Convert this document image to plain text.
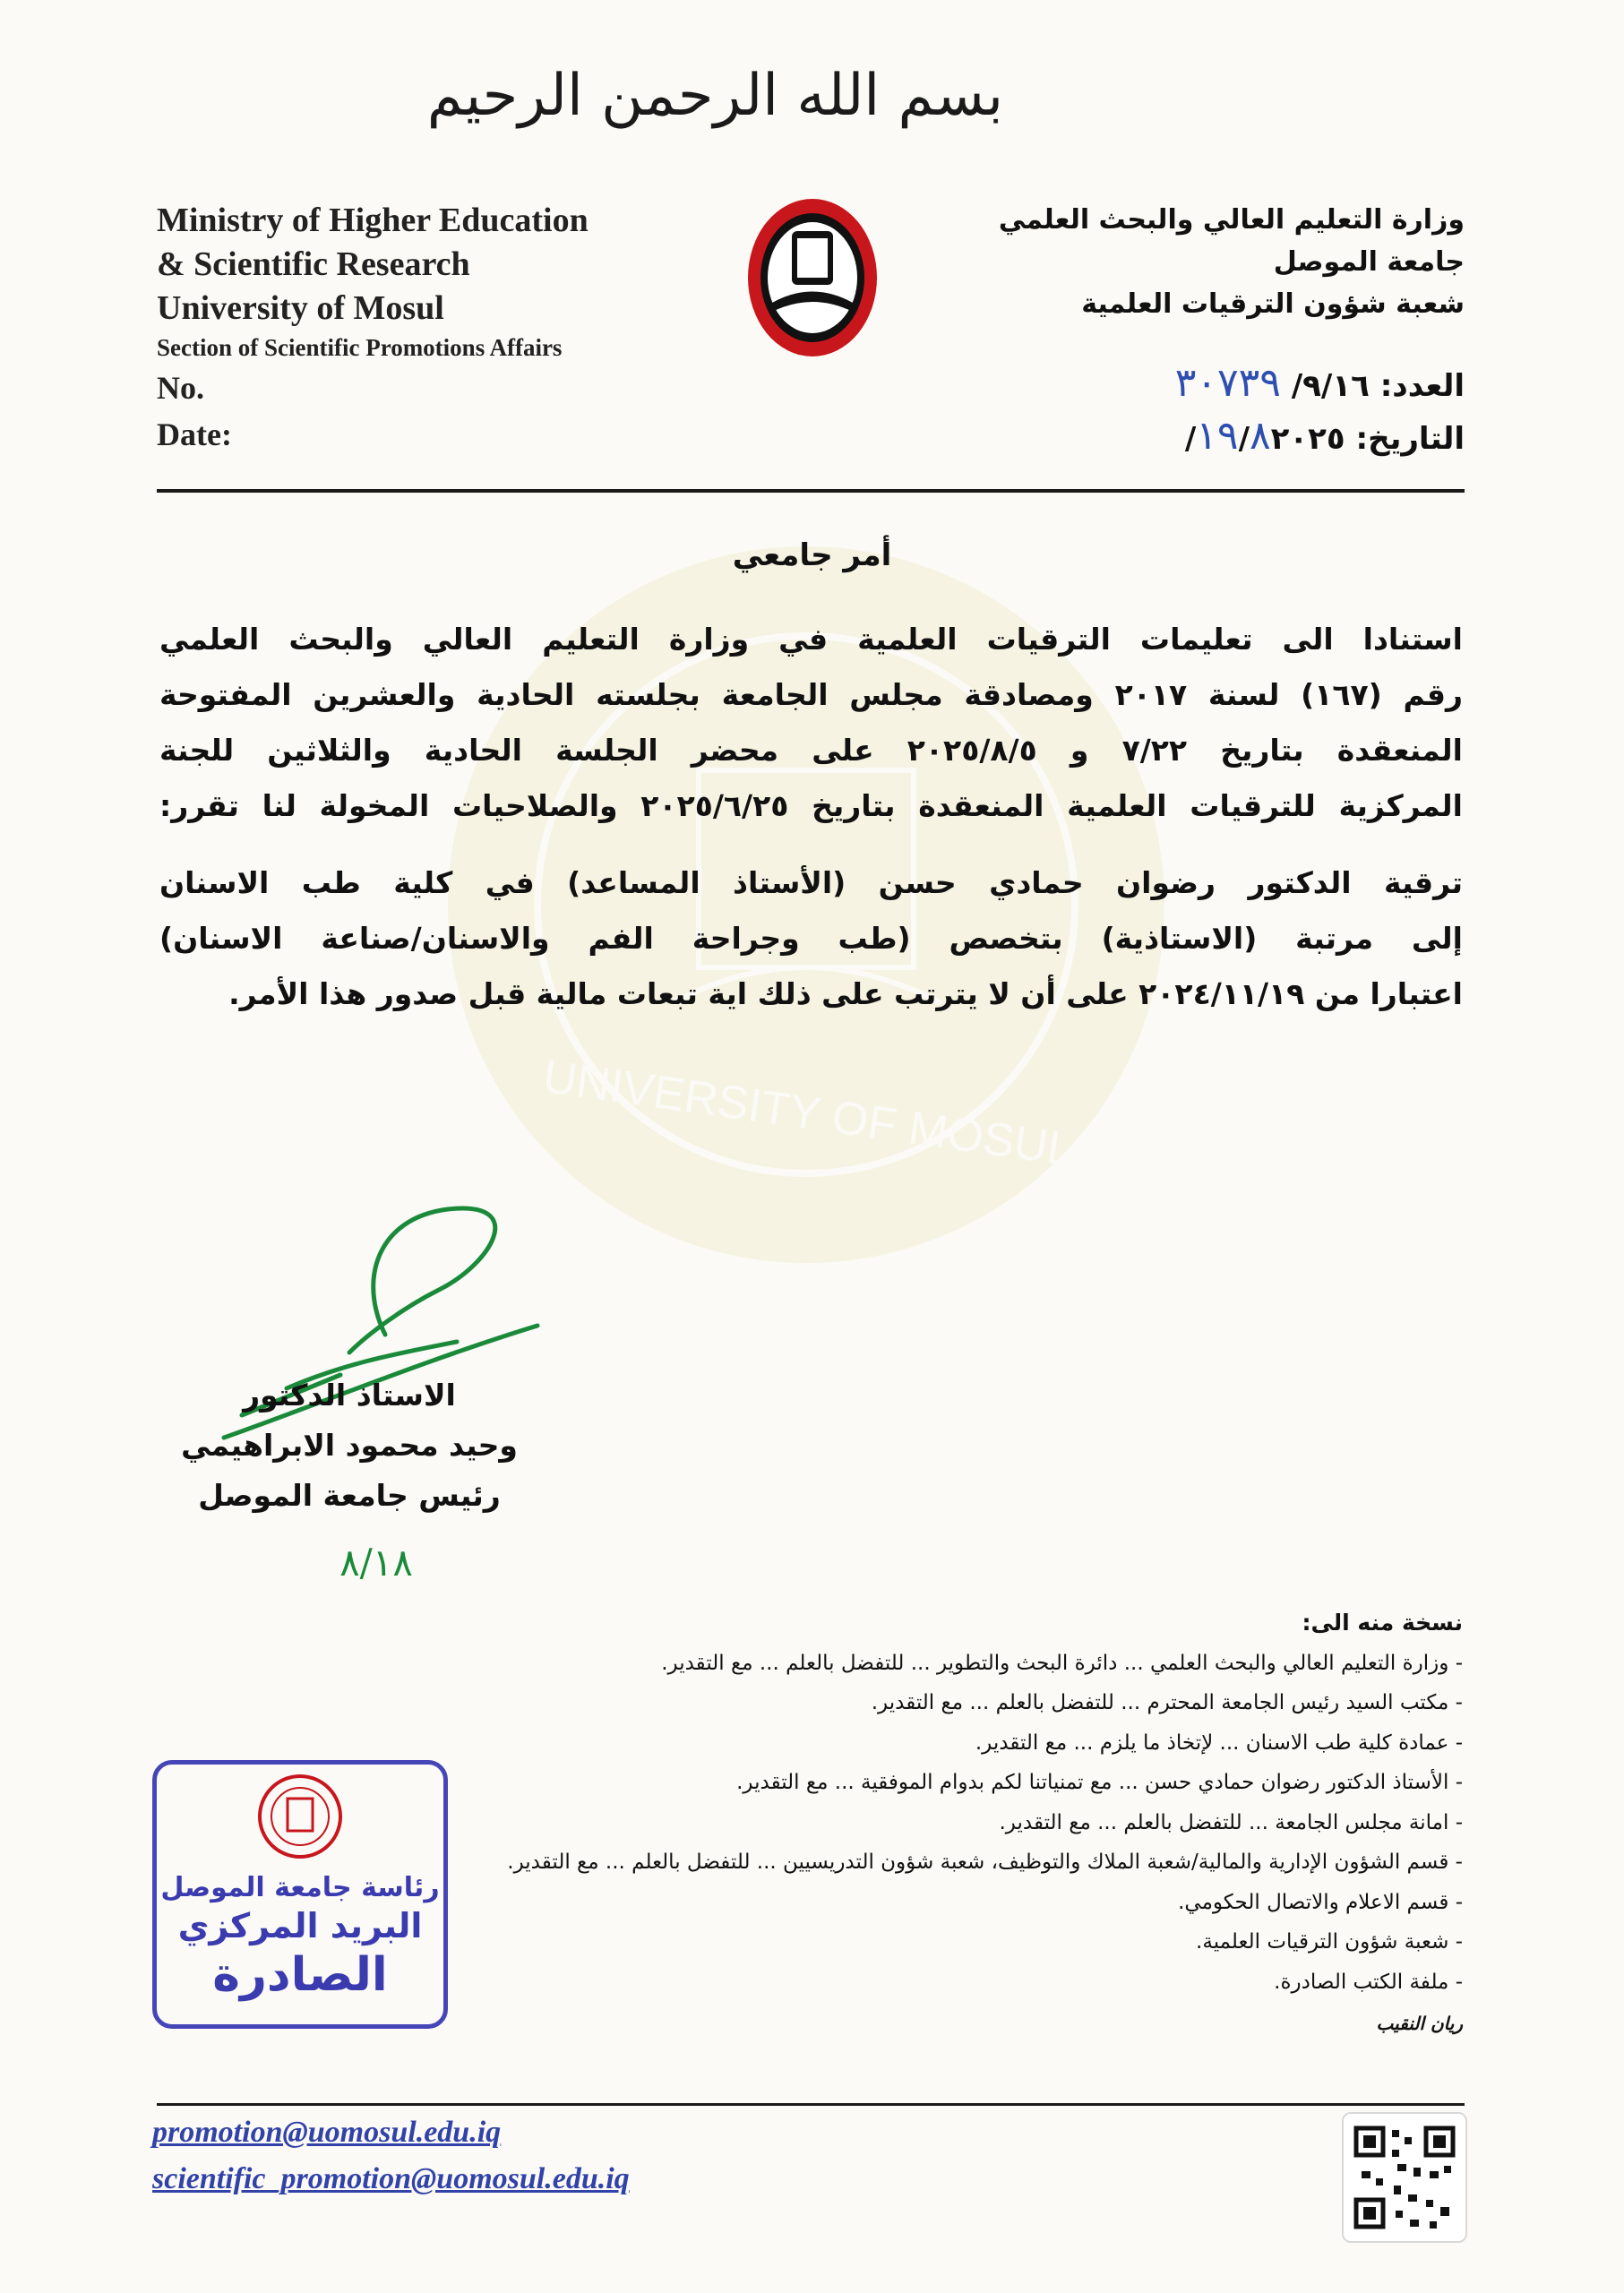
UNIVERSITY OF MOSUL
بسم الله الرحمن الرحيم
Ministry of Higher Education
& Scientific Research
University of Mosul
Section of Scientific Promotions Affairs
No.
Date:
وزارة التعليم العالي والبحث العلمي
جامعة الموصل
شعبة شؤون الترقيات العلمية
العدد: ٩/١٦/ ٣٠٧٣٩
التاريخ: ١٩/٨٢٠٢٥/
أمر جامعي
استنادا الى تعليمات الترقيات العلمية في وزارة التعليم العالي والبحث العلمي
رقم (١٦٧) لسنة ٢٠١٧ ومصادقة مجلس الجامعة بجلسته الحادية والعشرين المفتوحة
المنعقدة بتاريخ ٧/٢٢ و ٢٠٢٥/٨/٥ على محضر الجلسة الحادية والثلاثين للجنة
المركزية للترقيات العلمية المنعقدة بتاريخ ٢٠٢٥/٦/٢٥ والصلاحيات المخولة لنا تقرر:
ترقية الدكتور رضوان حمادي حسن (الأستاذ المساعد) في كلية طب الاسنان
إلى مرتبة (الاستاذية) بتخصص (طب وجراحة الفم والاسنان/صناعة الاسنان)
اعتبارا من ٢٠٢٤/١١/١٩ على أن لا يترتب على ذلك اية تبعات مالية قبل صدور هذا الأمر.
الاستاذ الدكتور
وحيد محمود الابراهيمي
رئيس جامعة الموصل
٨/١٨
نسخة منه الى:
- وزارة التعليم العالي والبحث العلمي ... دائرة البحث والتطوير ... للتفضل بالعلم ... مع التقدير.
- مكتب السيد رئيس الجامعة المحترم ... للتفضل بالعلم ... مع التقدير.
- عمادة كلية طب الاسنان ... لإتخاذ ما يلزم ... مع التقدير.
- الأستاذ الدكتور رضوان حمادي حسن ... مع تمنياتنا لكم بدوام الموفقية ... مع التقدير.
- امانة مجلس الجامعة ... للتفضل بالعلم ... مع التقدير.
- قسم الشؤون الإدارية والمالية/شعبة الملاك والتوظيف، شعبة شؤون التدريسيين ... للتفضل بالعلم ... مع التقدير.
- قسم الاعلام والاتصال الحكومي.
- شعبة شؤون الترقيات العلمية.
- ملفة الكتب الصادرة.
ريان النقيب
رئاسة جامعة الموصل
البريد المركزي
الصادرة
promotion@uomosul.edu.iq
scientific_promotion@uomosul.edu.iq
